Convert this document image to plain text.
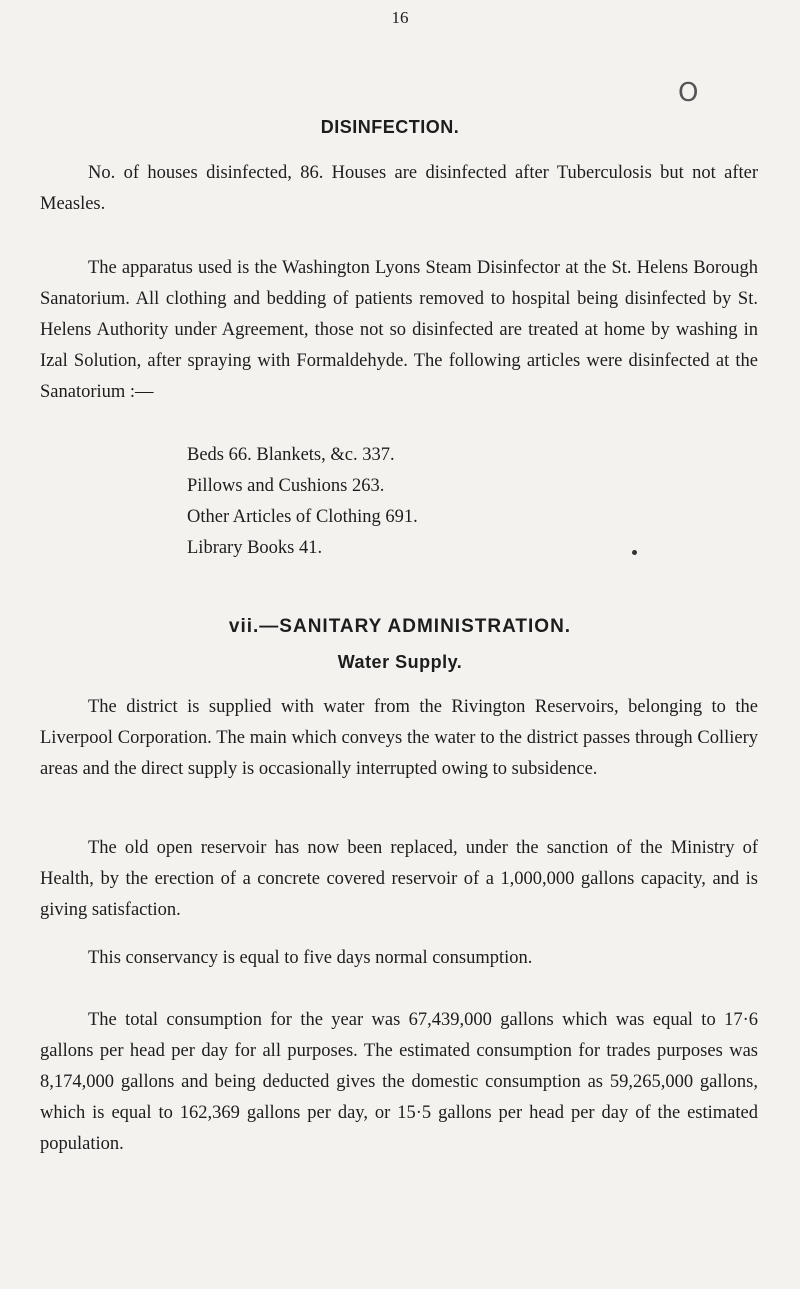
16
O
DISINFECTION.
No. of houses disinfected, 86. Houses are disinfected after Tuberculosis but not after Measles.
The apparatus used is the Washington Lyons Steam Disinfector at the St. Helens Borough Sanatorium. All clothing and bedding of patients removed to hospital being disinfected by St. Helens Authority under Agreement, those not so disinfected are treated at home by washing in Izal Solution, after spraying with Formaldehyde. The following articles were disinfected at the Sanatorium :—
Beds 66. Blankets, &c. 337.
Pillows and Cushions 263.
Other Articles of Clothing 691.
Library Books 41.
vii.—SANITARY ADMINISTRATION.
Water Supply.
The district is supplied with water from the Rivington Reservoirs, belonging to the Liverpool Corporation. The main which conveys the water to the district passes through Colliery areas and the direct supply is occasionally interrupted owing to subsidence.
The old open reservoir has now been replaced, under the sanction of the Ministry of Health, by the erection of a concrete covered reservoir of a 1,000,000 gallons capacity, and is giving satisfaction.
This conservancy is equal to five days normal consumption.
The total consumption for the year was 67,439,000 gallons which was equal to 17·6 gallons per head per day for all purposes. The estimated consumption for trades purposes was 8,174,000 gallons and being deducted gives the domestic consumption as 59,265,000 gallons, which is equal to 162,369 gallons per day, or 15·5 gallons per head per day of the estimated population.
